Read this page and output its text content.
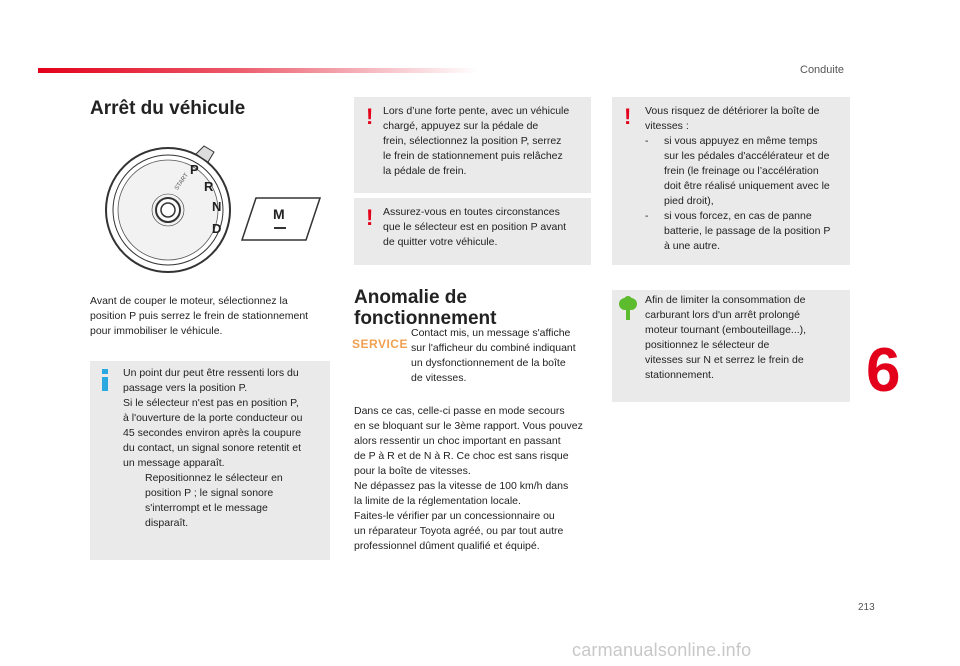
Conduite
Arrêt du véhicule
P
R
N
D
START
M
Avant de couper le moteur, sélectionnez la
position P puis serrez le frein de stationnement
pour immobiliser le véhicule.
Un point dur peut être ressenti lors du
passage vers la position P.
Si le sélecteur n'est pas en position P,
à l'ouverture de la porte conducteur ou
45 secondes environ après la coupure
du contact, un signal sonore retentit et
un message apparaît.
Repositionnez le sélecteur en
position P ; le signal sonore
s'interrompt et le message
disparaît.
! Lors d’une forte pente, avec un véhicule
chargé, appuyez sur la pédale de
frein, sélectionnez la position P, serrez
le frein de stationnement puis relâchez
la pédale de frein.
! Assurez-vous en toutes circonstances
que le sélecteur est en position P avant
de quitter votre véhicule.
Anomalie de fonctionnement
SERVICE
Contact mis, un message s'affiche
sur l'afficheur du combiné indiquant
un dysfonctionnement de la boîte
de vitesses.
Dans ce cas, celle-ci passe en mode secours
en se bloquant sur le 3ème rapport. Vous pouvez
alors ressentir un choc important en passant
de P à R et de N à R. Ce choc est sans risque
pour la boîte de vitesses.
Ne dépassez pas la vitesse de 100 km/h dans
la limite de la réglementation locale.
Faites-le vérifier par un concessionnaire ou
un réparateur Toyota agréé, ou par tout autre
professionnel dûment qualifié et équipé.
! Vous risquez de détériorer la boîte de
vitesses :
- si vous appuyez en même temps
sur les pédales d'accélérateur et de
frein (le freinage ou l’accélération
doit être réalisé uniquement avec le
pied droit),
- si vous forcez, en cas de panne
batterie, le passage de la position P
à une autre.
Afin de limiter la consommation de
carburant lors d'un arrêt prolongé
moteur tournant (embouteillage...),
positionnez le sélecteur de
vitesses sur N et serrez le frein de
stationnement.	6
213
carmanualsonline.info
